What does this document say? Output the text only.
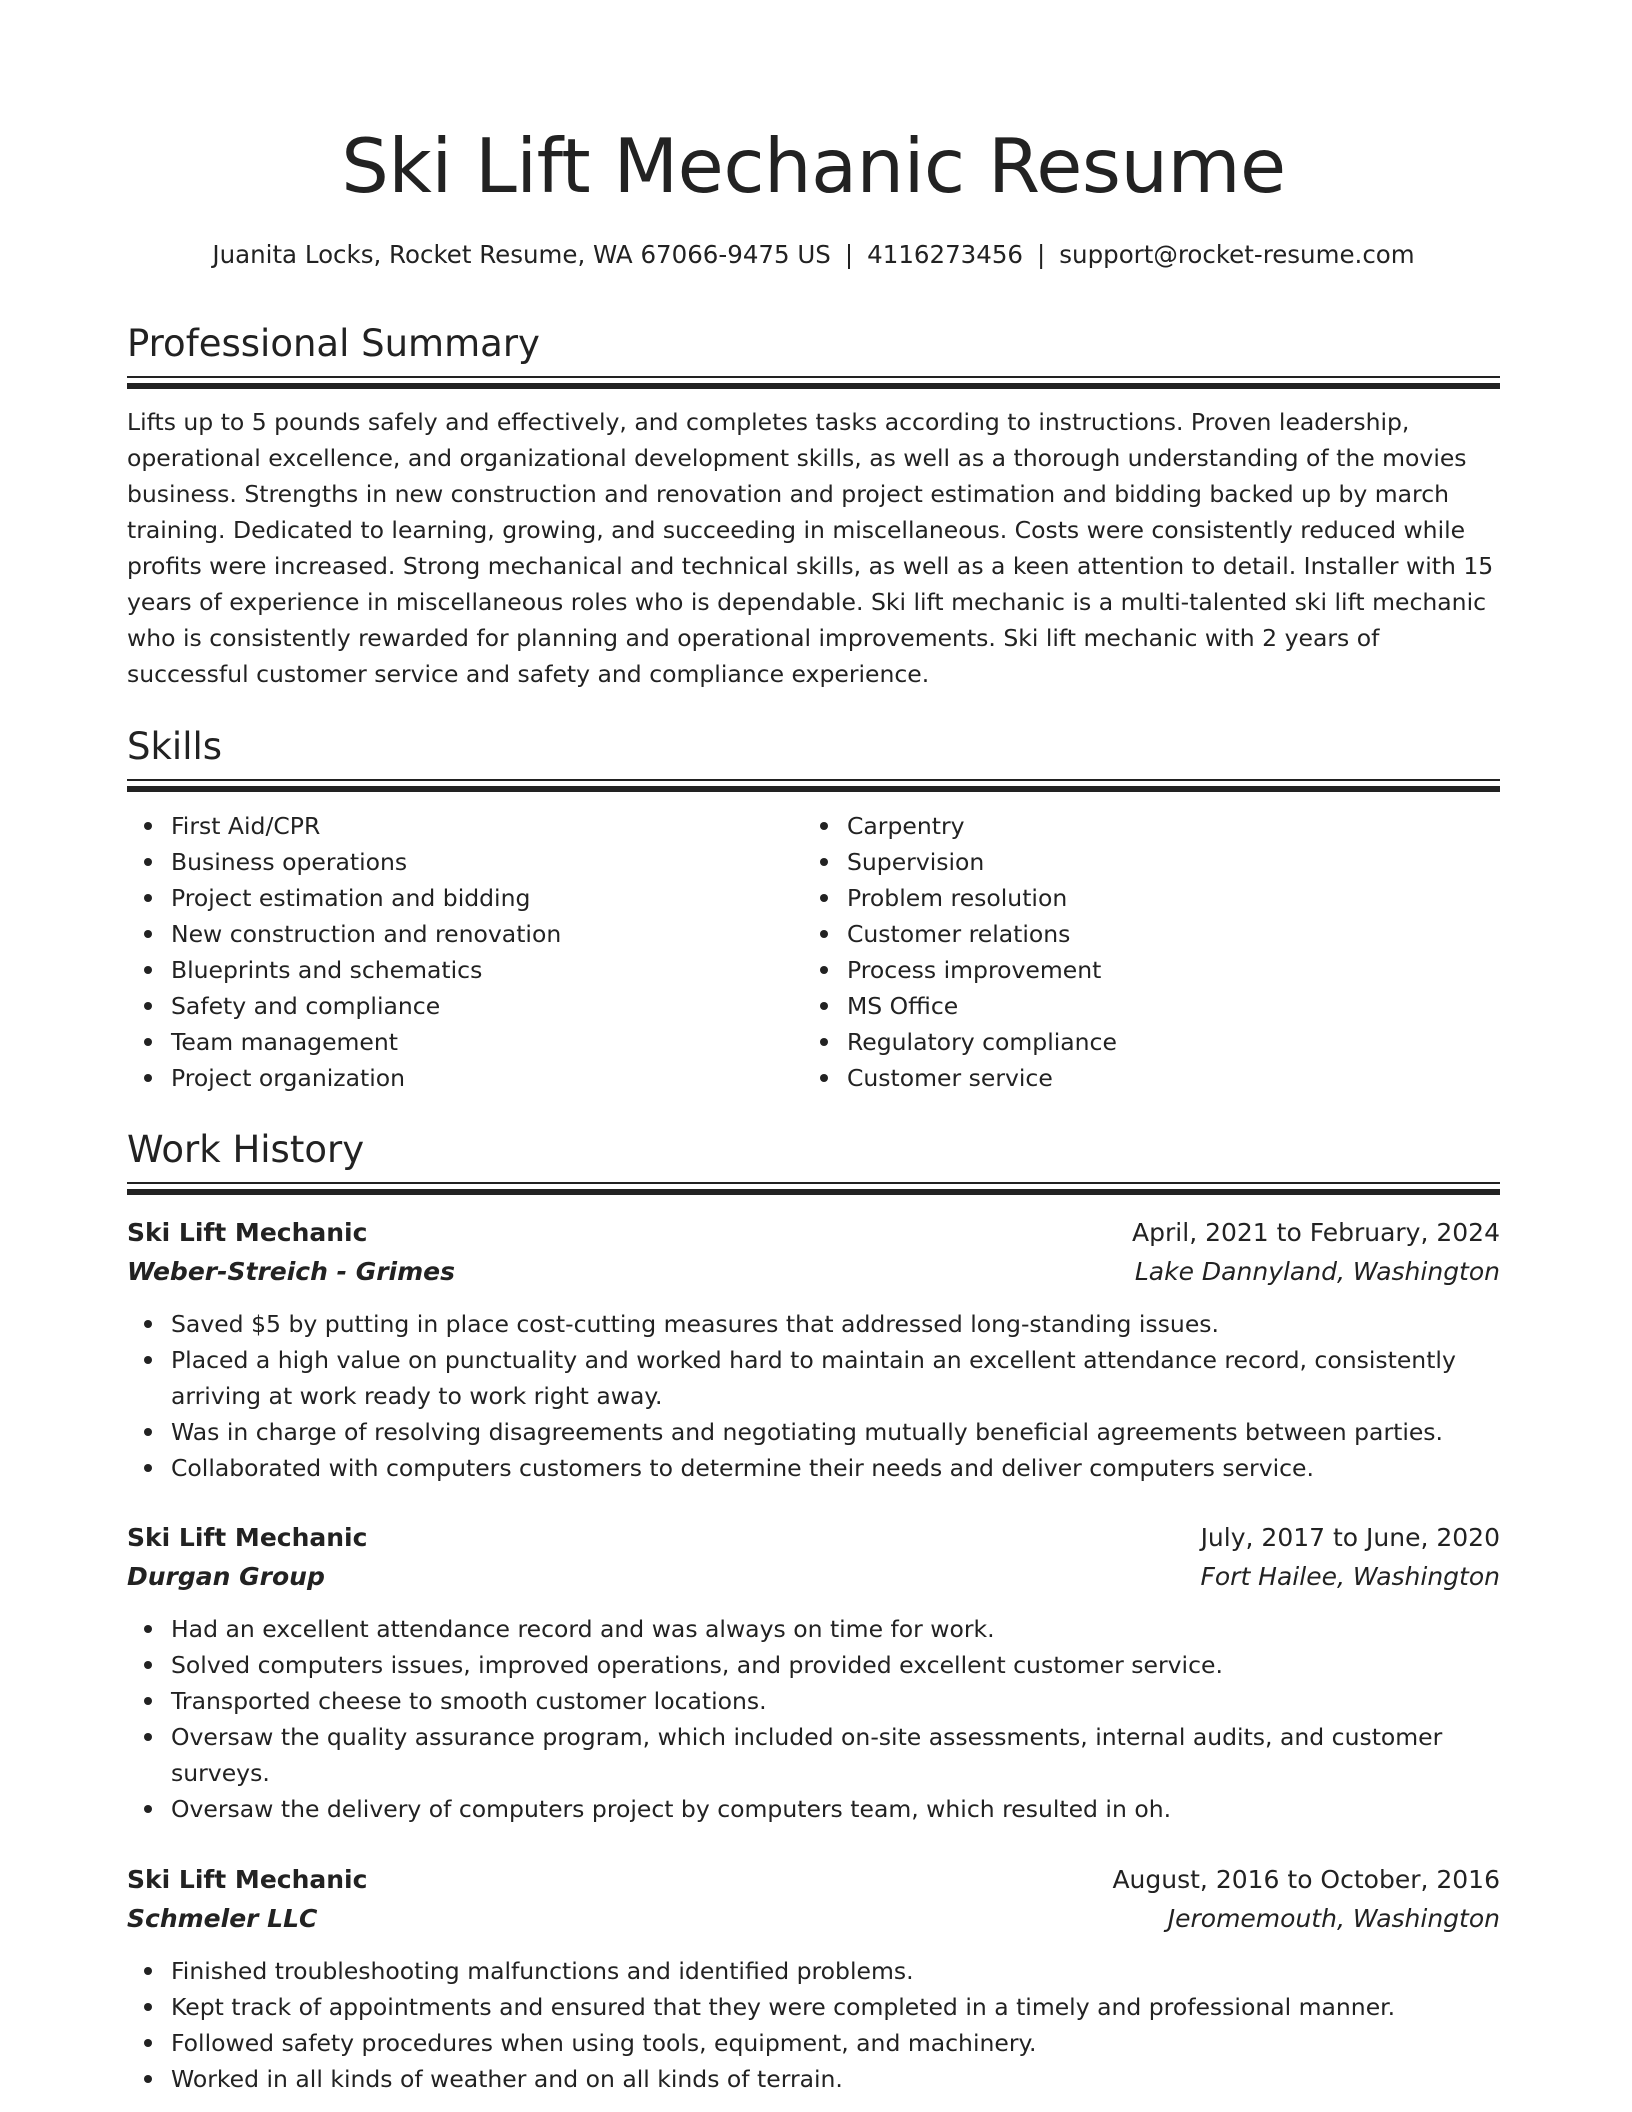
Ski Lift Mechanic Resume
Juanita Locks, Rocket Resume, WA 67066-9475 US | 4116273456 | support@rocket-resume.com
Professional Summary

Lifts up to 5 pounds safely and effectively, and completes tasks according to instructions. Proven leadership, operational excellence, and organizational development skills, as well as a thorough understanding of the movies business. Strengths in new construction and renovation and project estimation and bidding backed up by march training. Dedicated to learning, growing, and succeeding in miscellaneous. Costs were consistently reduced while profits were increased. Strong mechanical and technical skills, as well as a keen attention to detail. Installer with 15 years of experience in miscellaneous roles who is dependable. Ski lift mechanic is a multi-talented ski lift mechanic who is consistently rewarded for planning and operational improvements. Ski lift mechanic with 2 years of successful customer service and safety and compliance experience.

Skills
First Aid/CPR
Business operations
Project estimation and bidding
New construction and renovation
Blueprints and schematics
Safety and compliance
Team management
Project organization
Carpentry
Supervision
Problem resolution
Customer relations
Process improvement
MS Office
Regulatory compliance
Customer service
Work History
Ski Lift Mechanic	April, 2021 to February, 2024
Weber-Streich - Grimes	Lake Dannyland, Washington
Saved $5 by putting in place cost-cutting measures that addressed long-standing issues.
Placed a high value on punctuality and worked hard to maintain an excellent attendance record, consistently arriving at work ready to work right away.
Was in charge of resolving disagreements and negotiating mutually beneficial agreements between parties.
Collaborated with computers customers to determine their needs and deliver computers service.
Ski Lift Mechanic	July, 2017 to June, 2020
Durgan Group	Fort Hailee, Washington
Had an excellent attendance record and was always on time for work.
Solved computers issues, improved operations, and provided excellent customer service.
Transported cheese to smooth customer locations.
Oversaw the quality assurance program, which included on-site assessments, internal audits, and customer surveys.
Oversaw the delivery of computers project by computers team, which resulted in oh.
Ski Lift Mechanic	August, 2016 to October, 2016
Schmeler LLC	Jeromemouth, Washington
Finished troubleshooting malfunctions and identified problems.
Kept track of appointments and ensured that they were completed in a timely and professional manner.
Followed safety procedures when using tools, equipment, and machinery.
Worked in all kinds of weather and on all kinds of terrain.
